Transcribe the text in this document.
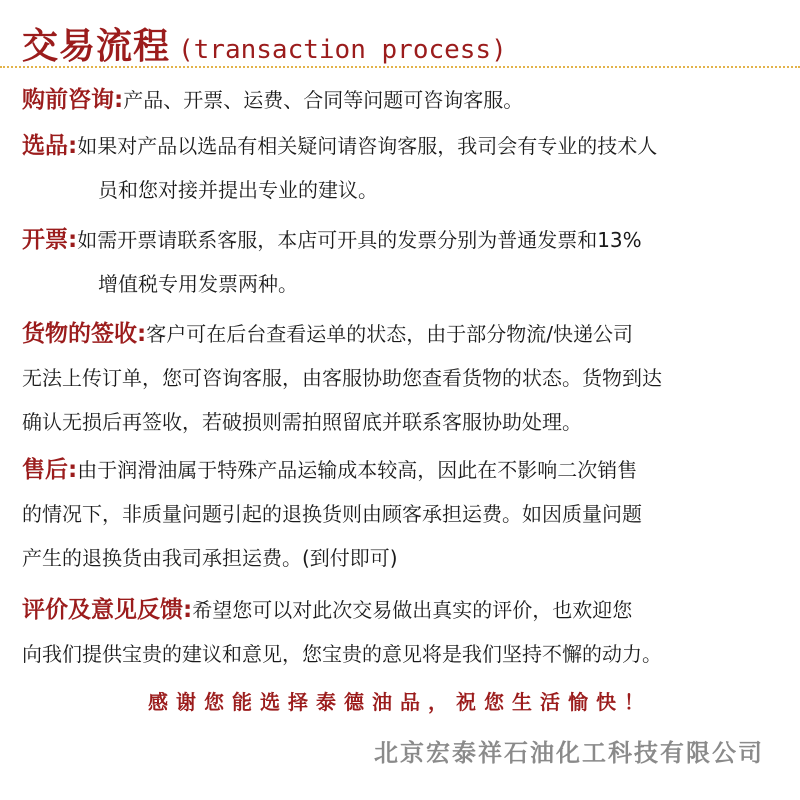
交易流程 (transaction process)
购前咨询:产品、开票、运费、合同等问题可咨询客服。
选品:如果对产品以选品有相关疑问请咨询客服，我司会有专业的技术人
员和您对接并提出专业的建议。
开票:如需开票请联系客服，本店可开具的发票分别为普通发票和13%
增值税专用发票两种。
货物的签收:客户可在后台查看运单的状态，由于部分物流/快递公司
无法上传订单，您可咨询客服，由客服协助您查看货物的状态。货物到达
确认无损后再签收，若破损则需拍照留底并联系客服协助处理。
售后:由于润滑油属于特殊产品运输成本较高，因此在不影响二次销售
的情况下，非质量问题引起的退换货则由顾客承担运费。如因质量问题
产生的退换货由我司承担运费。(到付即可)
评价及意见反馈:希望您可以对此次交易做出真实的评价，也欢迎您
向我们提供宝贵的建议和意见，您宝贵的意见将是我们坚持不懈的动力。
感谢您能选择泰德油品，祝您生活愉快！
北京宏泰祥石油化工科技有限公司
